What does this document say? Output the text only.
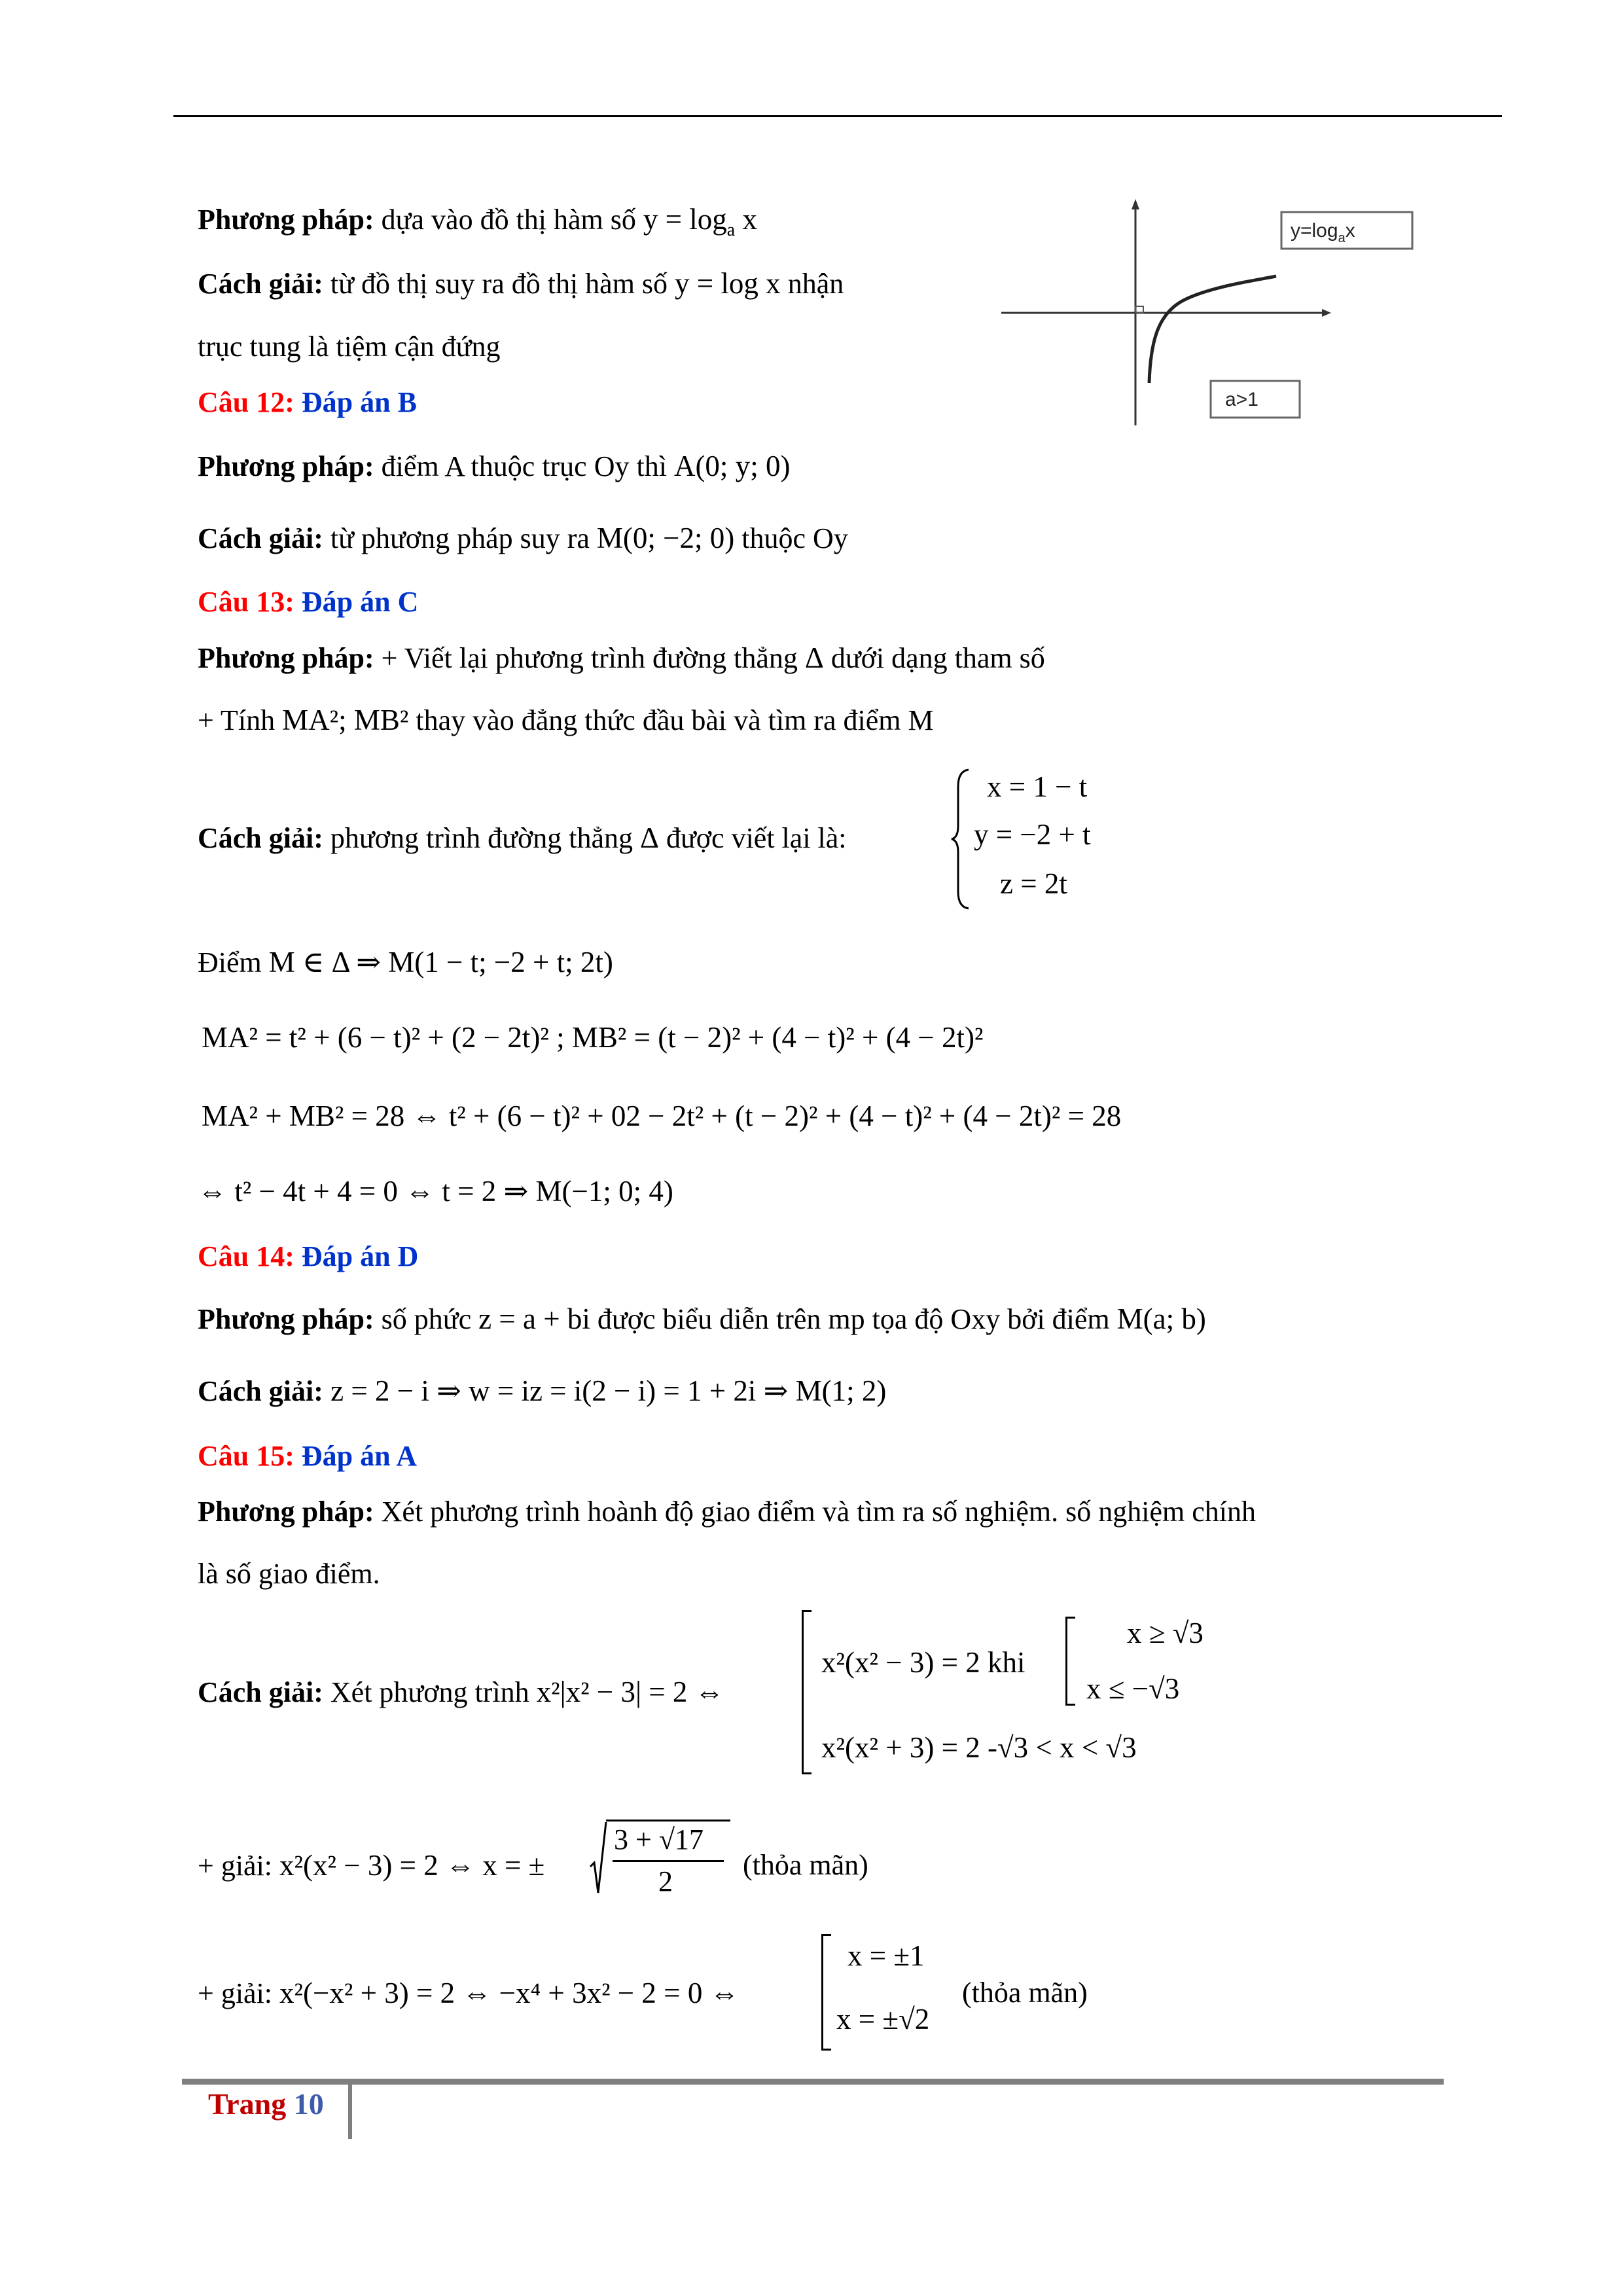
$y=\log_ax$
a>1
Phương pháp: dựa vào đồ thị hàm số $y = \log_a x$
Cách giải: từ đồ thị suy ra đồ thị hàm số y = log x nhận
trục tung là tiệm cận đứng
Câu 12: Đáp án B
Phương pháp: điểm A thuộc trục Oy thì A(0; y; 0)
Cách giải: từ phương pháp suy ra M(0; −2; 0) thuộc Oy
Câu 13: Đáp án C
Phương pháp: + Viết lại phương trình đường thẳng Δ dưới dạng tham số
+ Tính MA²; MB² thay vào đẳng thức đầu bài và tìm ra điểm M
Cách giải: phương trình đường thẳng Δ được viết lại là:
x = 1 − t
y = −2 + t
z = 2t
Điểm M ∈ Δ ⇒ M(1 − t; −2 + t; 2t)
MA² = t² + (6 − t)² + (2 − 2t)² ; MB² = (t − 2)² + (4 − t)² + (4 − 2t)²
MA² + MB² = 28 ⇔ t² + (6 − t)² + 02 − 2t² + (t − 2)² + (4 − t)² + (4 − 2t)² = 28
⇔ t² − 4t + 4 = 0 ⇔ t = 2 ⇒ M(−1; 0; 4)
Câu 14: Đáp án D
Phương pháp: số phức z = a + bi được biểu diễn trên mp tọa độ Oxy bởi điểm M(a; b)
Cách giải: z = 2 − i ⇒ w = iz = i(2 − i) = 1 + 2i ⇒ M(1; 2)
Câu 15: Đáp án A
Phương pháp: Xét phương trình hoành độ giao điểm và tìm ra số nghiệm. số nghiệm chính
là số giao điểm.
Cách giải: Xét phương trình x²|x² − 3| = 2 ⇔
x²(x² − 3) = 2 khi
x ≥ √3
x ≤ −√3
x²(x² + 3) = 2 -√3 < x < √3
+ giải: x²(x² − 3) = 2 ⇔ x = ±
3 + √17
2
(thỏa mãn)
+ giải: x²(−x² + 3) = 2 ⇔ −x⁴ + 3x² − 2 = 0 ⇔
x = ±1
x = ±√2
(thỏa mãn)
Trang 10
